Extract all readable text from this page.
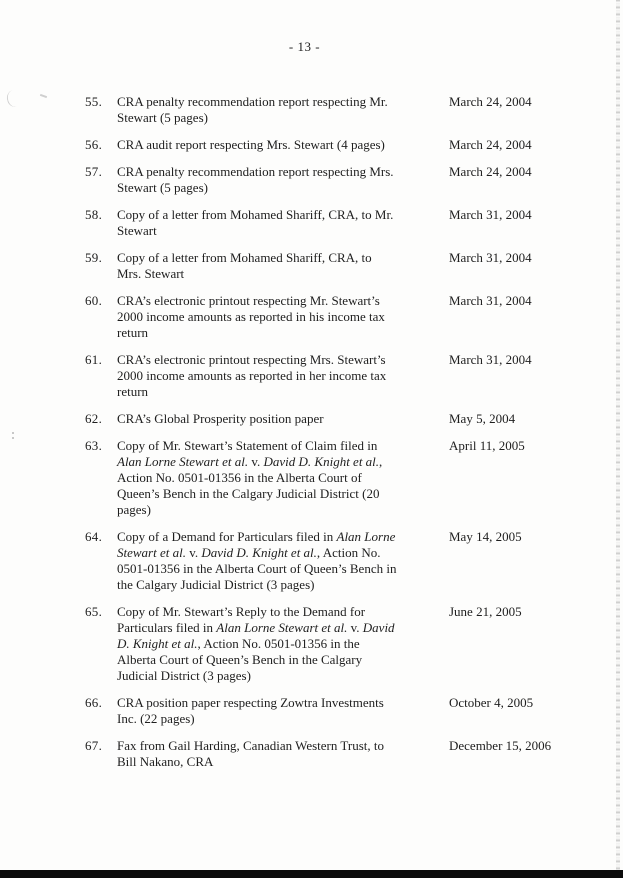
- 13 -
55.	CRA penalty recommendation report respecting Mr. Stewart (5 pages)
March 24, 2004
56.	CRA audit report respecting Mrs. Stewart (4 pages)	March 24, 2004
57.	CRA penalty recommendation report respecting Mrs. Stewart (5 pages)
March 24, 2004
58.	Copy of a letter from Mohamed Shariff, CRA, to Mr. Stewart
March 31, 2004
59.	Copy of a letter from Mohamed Shariff, CRA, to Mrs. Stewart
March 31, 2004
60.	CRA’s electronic printout respecting Mr. Stewart’s 2000 income amounts as reported in his income tax return
March 31, 2004
61.	CRA’s electronic printout respecting Mrs. Stewart’s 2000 income amounts as reported in her income tax return
March 31, 2004
62.	CRA’s Global Prosperity position paper	May 5, 2004
63.	Copy of Mr. Stewart’s Statement of Claim filed in Alan Lorne Stewart et al. v. David D. Knight et al., Action No. 0501-01356 in the Alberta Court of Queen’s Bench in the Calgary Judicial District (20 pages)
April 11, 2005
64.	Copy of a Demand for Particulars filed in Alan Lorne Stewart et al. v. David D. Knight et al., Action No. 0501-01356 in the Alberta Court of Queen’s Bench in the Calgary Judicial District (3 pages)
May 14, 2005
65.	Copy of Mr. Stewart’s Reply to the Demand for Particulars filed in Alan Lorne Stewart et al. v. David D. Knight et al., Action No. 0501-01356 in the Alberta Court of Queen’s Bench in the Calgary Judicial District (3 pages)
June 21, 2005
66.	CRA position paper respecting Zowtra Investments Inc. (22 pages)
October 4, 2005
67.	Fax from Gail Harding, Canadian Western Trust, to Bill Nakano, CRA
December 15, 2006
